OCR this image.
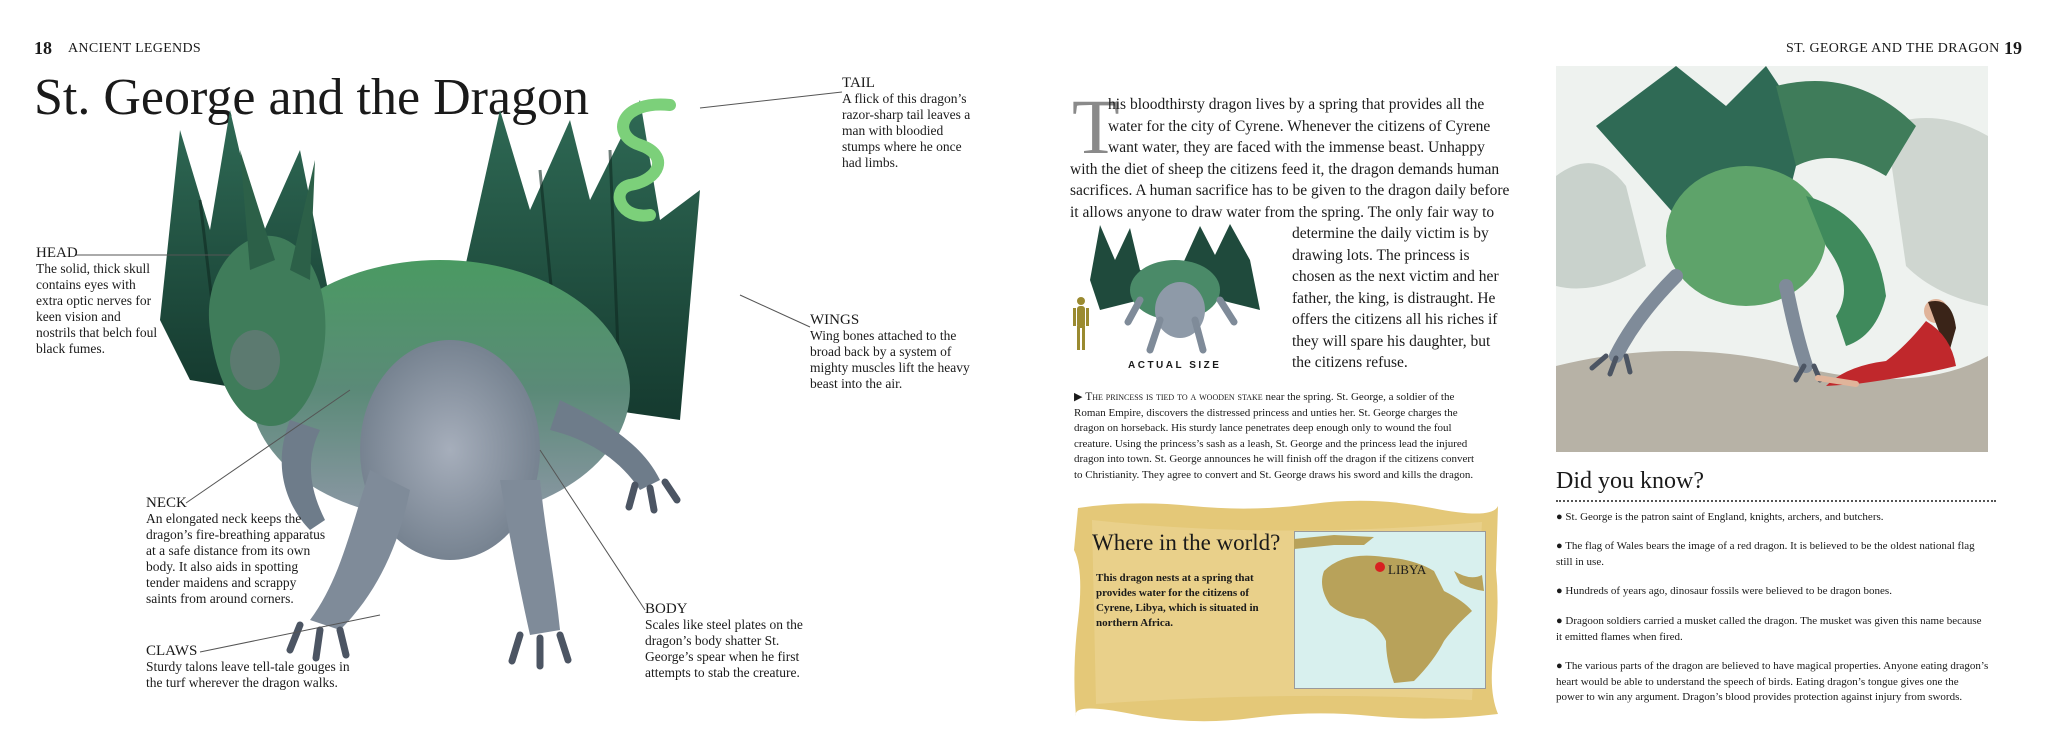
18 ANCIENT LEGENDS
St. George and the Dragon	TAIL
A flick of this dragon’s
razor-sharp tail leaves a
man with bloodied
stumps where he once
had limbs.
HEAD
The solid, thick skull
contains eyes with
extra optic nerves for
keen vision and
nostrils that belch foul
black fumes.
WINGS
Wing bones attached to the
broad back by a system of
mighty muscles lift the heavy
beast into the air.
NECK
An elongated neck keeps the
dragon’s fire-breathing apparatus
at a safe distance from its own
body. It also aids in spotting
tender maidens and scrappy
saints from around corners.
BODY
Scales like steel plates on the
dragon’s body shatter St.
George’s spear when he first
attempts to stab the creature.
CLAWS
Sturdy talons leave tell-tale gouges in
the turf wherever the dragon walks.
ST. GEORGE AND THE DRAGON 19
T
his bloodthirsty dragon lives by a spring that provides all the
water for the city of Cyrene. Whenever the citizens of Cyrene
want water, they are faced with the immense beast. Unhappy
with the diet of sheep the citizens feed it, the dragon demands human
sacrifices. A human sacrifice has to be given to the dragon daily before
it allows anyone to draw water from the spring. The only fair way to
determine the daily victim is by
drawing lots. The princess is
chosen as the next victim and her
father, the king, is distraught. He
offers the citizens all his riches if
they will spare his daughter, but
the citizens refuse.
ACTUAL SIZE
▶ The princess is tied to a wooden stake near the spring. St. George, a soldier of the
Roman Empire, discovers the distressed princess and unties her. St. George charges the
dragon on horseback. His sturdy lance penetrates deep enough only to wound the foul
creature. Using the princess’s sash as a leash, St. George and the princess lead the injured
dragon into town. St. George announces he will finish off the dragon if the citizens convert
to Christianity. They agree to convert and St. George draws his sword and kills the dragon.
Where in the world?
This dragon nests at a spring that
provides water for the citizens of
Cyrene, Libya, which is situated in
northern Africa.
LIBYA
Did you know?
● St. George is the patron saint of England, knights, archers, and butchers.
● The flag of Wales bears the image of a red dragon. It is believed to be the oldest national flag
still in use.
● Hundreds of years ago, dinosaur fossils were believed to be dragon bones.
● Dragoon soldiers carried a musket called the dragon. The musket was given this name because
it emitted flames when fired.
● The various parts of the dragon are believed to have magical properties. Anyone eating dragon’s
heart would be able to understand the speech of birds. Eating dragon’s tongue gives one the
power to win any argument. Dragon’s blood provides protection against injury from swords.
